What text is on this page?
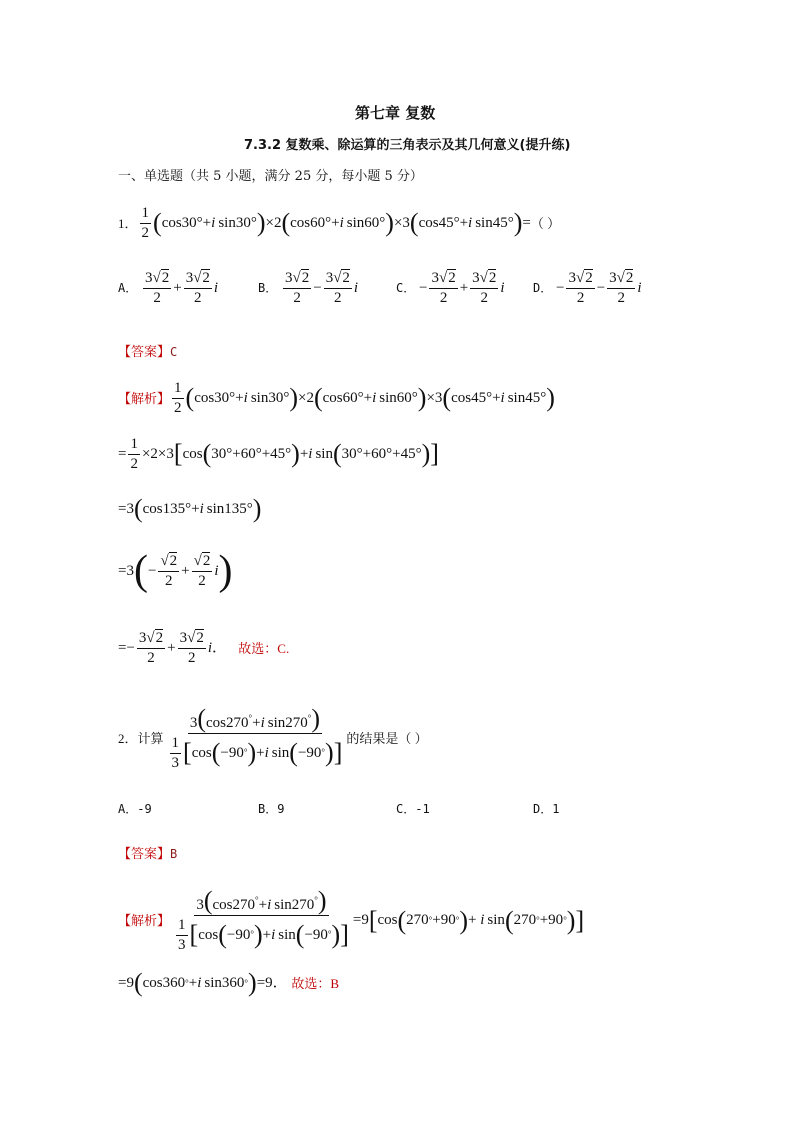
第七章 复数
7.3.2 复数乘、除运算的三角表示及其几何意义(提升练)
一、单选题（共 5 小题，满分 25 分，每小题 5 分）
1． $\frac{1}{2}$ ( cos30°+ i  sin30° ) ×2 ( cos60°+ i  sin60° ) ×3 ( cos45°+ i  sin45° ) = （ ）
A．
$\frac{3√2}{2} + \frac{3√2}{2}$ i	B．
$\frac{3√2}{2} - \frac{3√2}{2}$ i	C． − $\frac{3√2}{2} + \frac{3√2}{2}$ i D． − $\frac{3√2}{2} - \frac{3√2}{2}$ i
【答案】C
【解析】 $\frac{1}{2}$ ( cos30°+ i  sin30° ) ×2 ( cos60°+ i  sin60° ) ×3 ( cos45°+ i  sin45° )
= $\frac{1}{2} \times 2\times 3$ [ cos ( 30°+60°+45° ) + i  sin ( 30°+60°+45° ) ]
=3 ( cos135°+ i  sin135° )
=3 ( − $\frac{√2}{2} + \frac{√2}{2}$ i )
=− $\frac{3√2}{2} + \frac{3√2}{2}$ i ． 故选：C.
2．计算 $\frac{3(\cos 270^\circ+i \sin 270^\circ)}{\frac{1}{3} [ \cos ( -90 ^\circ ) + i \sin ( -90 ^\circ ) ]}$ 的结果是（ ）
A．-9	B．9	C．-1	D．1
【答案】B
【解析】 $\frac{3(\cos 270^\circ+i \sin 270^\circ)}{\frac{1}{3} [ \cos ( -90 ^\circ ) + i \sin ( -90 ^\circ ) ]} =9$ [ cos ( 270 ° +90 ° ) + i  sin ( 270 ° +90 ° ) ]
=9 ( cos360 ° + i  sin360 ° ) =9． 故选：B
